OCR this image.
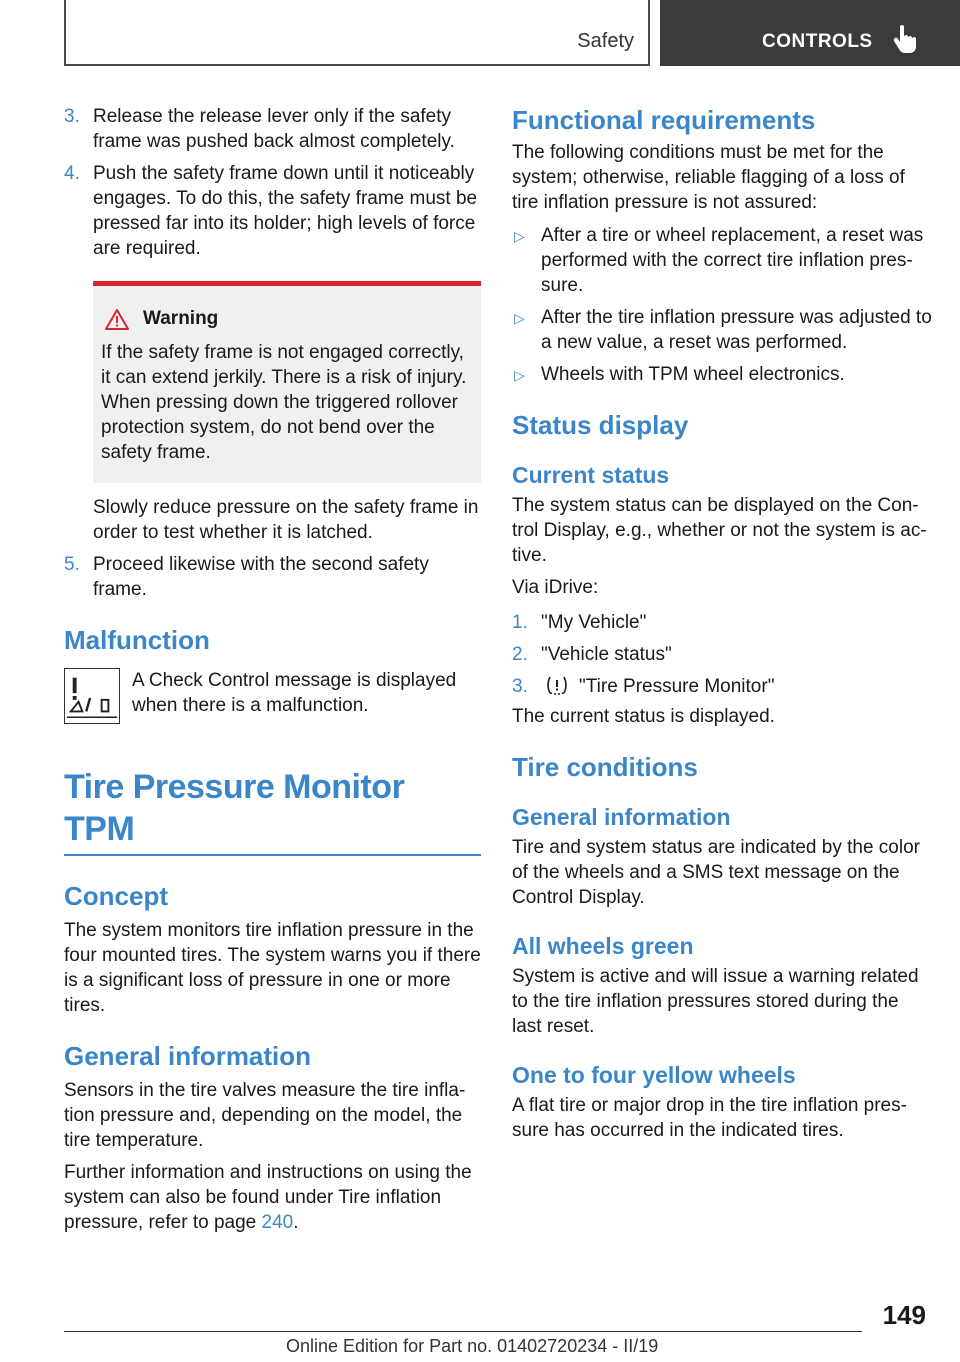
Safety	CONTROLS
3. Release the release lever only if the safety frame was pushed back almost completely.
4. Push the safety frame down until it noticeably engages. To do this, the safety frame must be pressed far into its holder; high levels of force are required.
Warning

If the safety frame is not engaged correctly, it can extend jerkily. There is a risk of injury. When pressing down the triggered rollover protection system, do not bend over the safety frame.

Slowly reduce pressure on the safety frame in order to test whether it is latched.

5. Proceed likewise with the second safety frame.
Malfunction

A Check Control message is displayed when there is a malfunction.

Tire Pressure Monitor TPM
Concept

The system monitors tire inflation pressure in the four mounted tires. The system warns you if there is a significant loss of pressure in one or more tires.

General information

Sensors in the tire valves measure the tire infla‐tion pressure and, depending on the model, the tire temperature.

Further information and instructions on using the system can also be found under Tire inflation pressure, refer to page 240.

Functional requirements

The following conditions must be met for the system; otherwise, reliable flagging of a loss of tire inflation pressure is not assured:

▷ After a tire or wheel replacement, a reset was performed with the correct tire inflation pres‐sure.
▷ After the tire inflation pressure was adjusted to a new value, a reset was performed.
▷ Wheels with TPM wheel electronics.
Status display
Current status

The system status can be displayed on the Con‐trol Display, e.g., whether or not the system is ac‐tive.

Via iDrive:

1. "My Vehicle"
2. "Vehicle status"
3.	"Tire Pressure Monitor"

The current status is displayed.

Tire conditions
General information

Tire and system status are indicated by the color of the wheels and a SMS text message on the Control Display.

All wheels green

System is active and will issue a warning related to the tire inflation pressures stored during the last reset.

One to four yellow wheels

A flat tire or major drop in the tire inflation pres‐sure has occurred in the indicated tires.

149
Online Edition for Part no. 01402720234 - II/19
